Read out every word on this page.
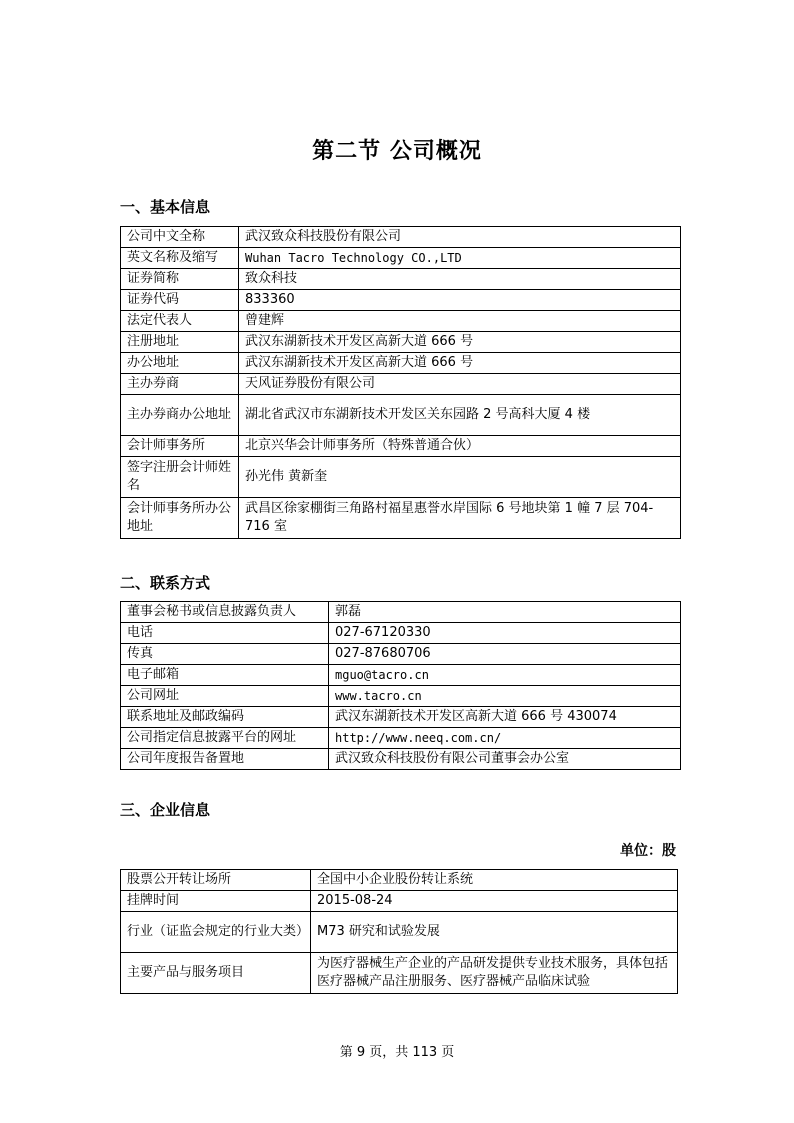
第二节 公司概况
一、基本信息
公司中文全称	武汉致众科技股份有限公司
英文名称及缩写	Wuhan Tacro Technology CO.,LTD
证券简称	致众科技
证券代码	833360
法定代表人	曾建辉
注册地址	武汉东湖新技术开发区高新大道 666 号
办公地址	武汉东湖新技术开发区高新大道 666 号
主办券商	天风证券股份有限公司
主办券商办公地址	湖北省武汉市东湖新技术开发区关东园路 2 号高科大厦 4 楼
会计师事务所	北京兴华会计师事务所（特殊普通合伙）
签字注册会计师姓名	孙光伟 黄新奎
会计师事务所办公地址	武昌区徐家棚街三角路村福星惠誉水岸国际 6 号地块第 1 幢 7 层 704-716 室
二、联系方式
董事会秘书或信息披露负责人	郭磊
电话	027-67120330
传真	027-87680706
电子邮箱	mguo@tacro.cn
公司网址	www.tacro.cn
联系地址及邮政编码	武汉东湖新技术开发区高新大道 666 号 430074
公司指定信息披露平台的网址	http://www.neeq.com.cn/
公司年度报告备置地	武汉致众科技股份有限公司董事会办公室
三、企业信息
单位：股
股票公开转让场所	全国中小企业股份转让系统
挂牌时间	2015-08-24
行业（证监会规定的行业大类）	M73 研究和试验发展
主要产品与服务项目	为医疗器械生产企业的产品研发提供专业技术服务，具体包括医疗器械产品注册服务、医疗器械产品临床试验
第 9 页，共 113 页
